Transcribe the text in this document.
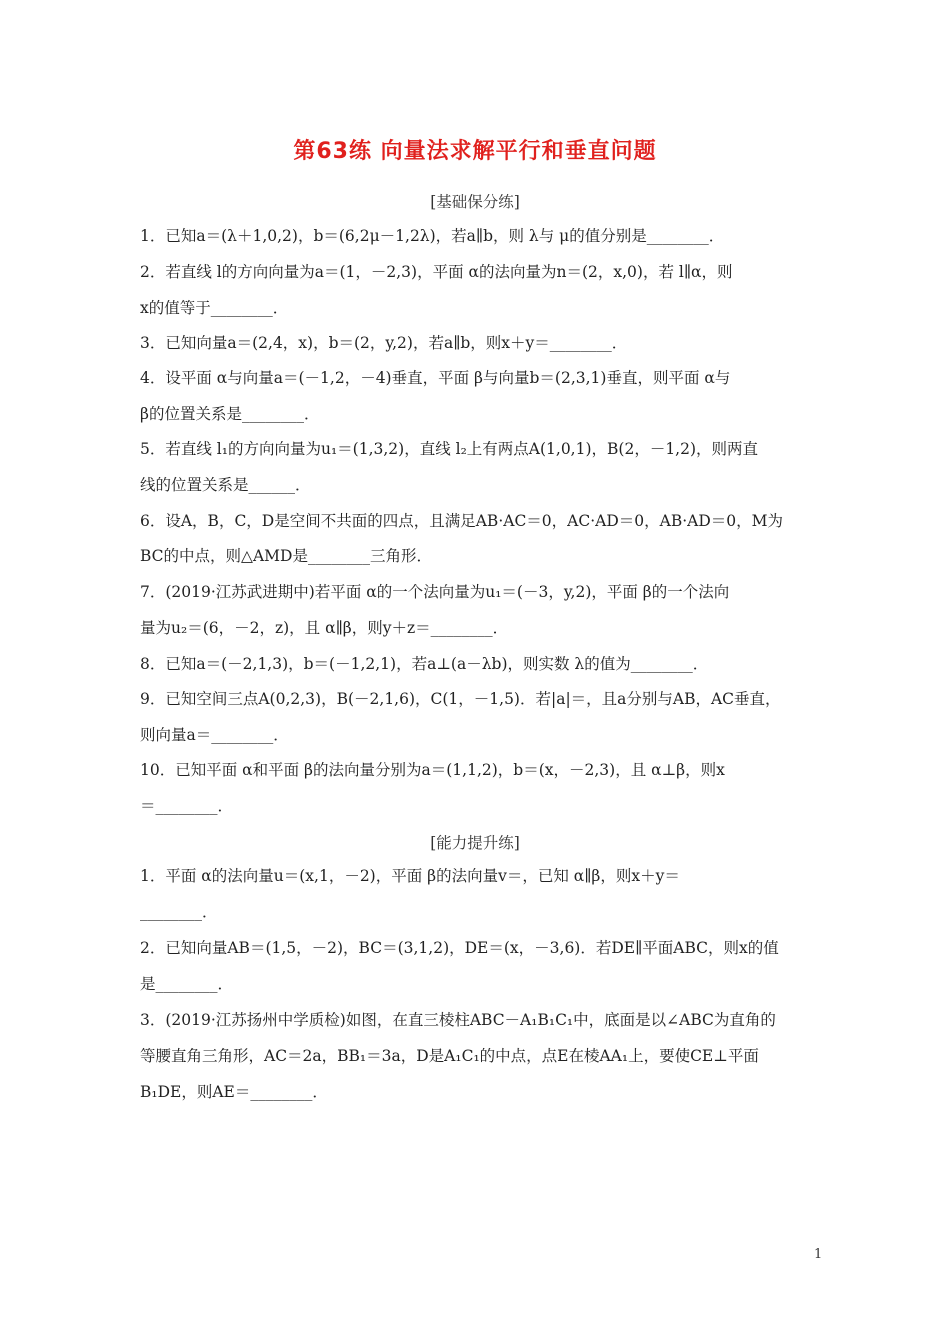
第63练 向量法求解平行和垂直问题
[基础保分练]
1．已知a＝(λ＋1,0,2)，b＝(6,2μ－1,2λ)，若a∥b，则 λ与 μ的值分别是________．
2．若直线 l的方向向量为a＝(1，－2,3)，平面 α的法向量为n＝(2，x,0)，若 l∥α，则
x的值等于________．
3．已知向量a＝(2,4，x)，b＝(2，y,2)，若a∥b，则x＋y＝________．
4．设平面 α与向量a＝(－1,2，－4)垂直，平面 β与向量b＝(2,3,1)垂直，则平面 α与
β的位置关系是________．
5．若直线 l₁的方向向量为u₁＝(1,3,2)，直线 l₂上有两点A(1,0,1)，B(2，－1,2)，则两直
线的位置关系是______．
6．设A，B，C，D是空间不共面的四点，且满足AB·AC＝0，AC·AD＝0，AB·AD＝0，M为
BC的中点，则△AMD是________三角形．
7．(2019·江苏武进期中)若平面 α的一个法向量为u₁＝(－3，y,2)，平面 β的一个法向
量为u₂＝(6，－2，z)，且 α∥β，则y＋z＝________．
8．已知a＝(－2,1,3)，b＝(－1,2,1)，若a⊥(a－λb)，则实数 λ的值为________．
9．已知空间三点A(0,2,3)，B(－2,1,6)，C(1，－1,5)．若|a|＝，且a分别与AB，AC垂直，
则向量a＝________．
10．已知平面 α和平面 β的法向量分别为a＝(1,1,2)，b＝(x，－2,3)，且 α⊥β，则x
＝________．
[能力提升练]
1．平面 α的法向量u＝(x,1，－2)，平面 β的法向量v＝，已知 α∥β，则x＋y＝
________．
2．已知向量AB＝(1,5，－2)，BC＝(3,1,2)，DE＝(x，－3,6)．若DE∥平面ABC，则x的值
是________．
3．(2019·江苏扬州中学质检)如图，在直三棱柱ABC－A₁B₁C₁中，底面是以∠ABC为直角的
等腰直角三角形，AC＝2a，BB₁＝3a，D是A₁C₁的中点，点E在棱AA₁上，要使CE⊥平面
B₁DE，则AE＝________．
1
